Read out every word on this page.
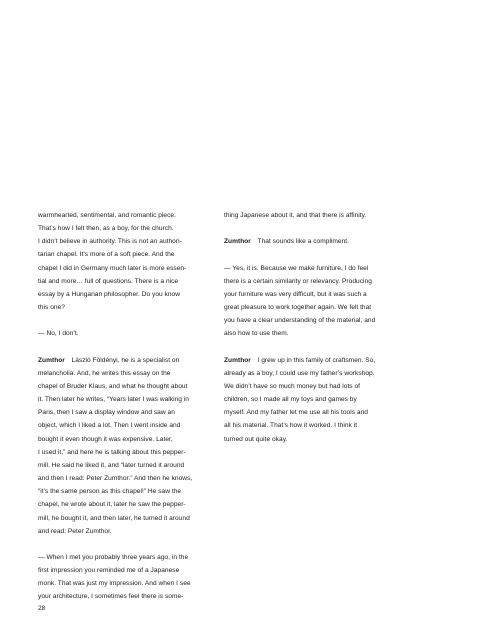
warmhearted, sentimental, and romantic piece.
That’s how I felt then, as a boy, for the church.
I didn’t believe in authority. This is not an authori-
tarian chapel. It’s more of a soft piece. And the
chapel I did in Germany much later is more essen-
tial and more… full of questions. There is a nice
essay by a Hungarian philosopher. Do you know
this one?
— No, I don’t.
Zumthor  László Földényi, he is a specialist on
melancholia. And, he writes this essay on the
chapel of Bruder Klaus, and what he thought about
it. Then later he writes, “Years later I was walking in
Paris, then I saw a display window and saw an
object, which I liked a lot. Then I went inside and
bought it even though it was expensive. Later,
I used it,” and here he is talking about this pepper-
mill. He said he liked it, and “later turned it around
and then I read: Peter Zumthor.” And then he knows,
“it’s the same person as this chapel!” He saw the
chapel, he wrote about it, later he saw the pepper-
mill, he bought it, and then later, he turned it around
and read: Peter Zumthor.
— When I met you probably three years ago, in the
first impression you reminded me of a Japanese
monk. That was just my impression. And when I see
your architecture, I sometimes feel there is some-
thing Japanese about it, and that there is affinity.
Zumthor  That sounds like a compliment.
— Yes, it is. Because we make furniture, I do feel
there is a certain similarity or relevancy. Producing
your furniture was very difficult, but it was such a
great pleasure to work together again. We felt that
you have a clear understanding of the material, and
also how to use them.
Zumthor  I grew up in this family of craftsmen. So,
already as a boy, I could use my father’s workshop.
We didn’t have so much money but had lots of
children, so I made all my toys and games by
myself. And my father let me use all his tools and
all his material. That’s how it worked. I think it
turned out quite okay.
28
